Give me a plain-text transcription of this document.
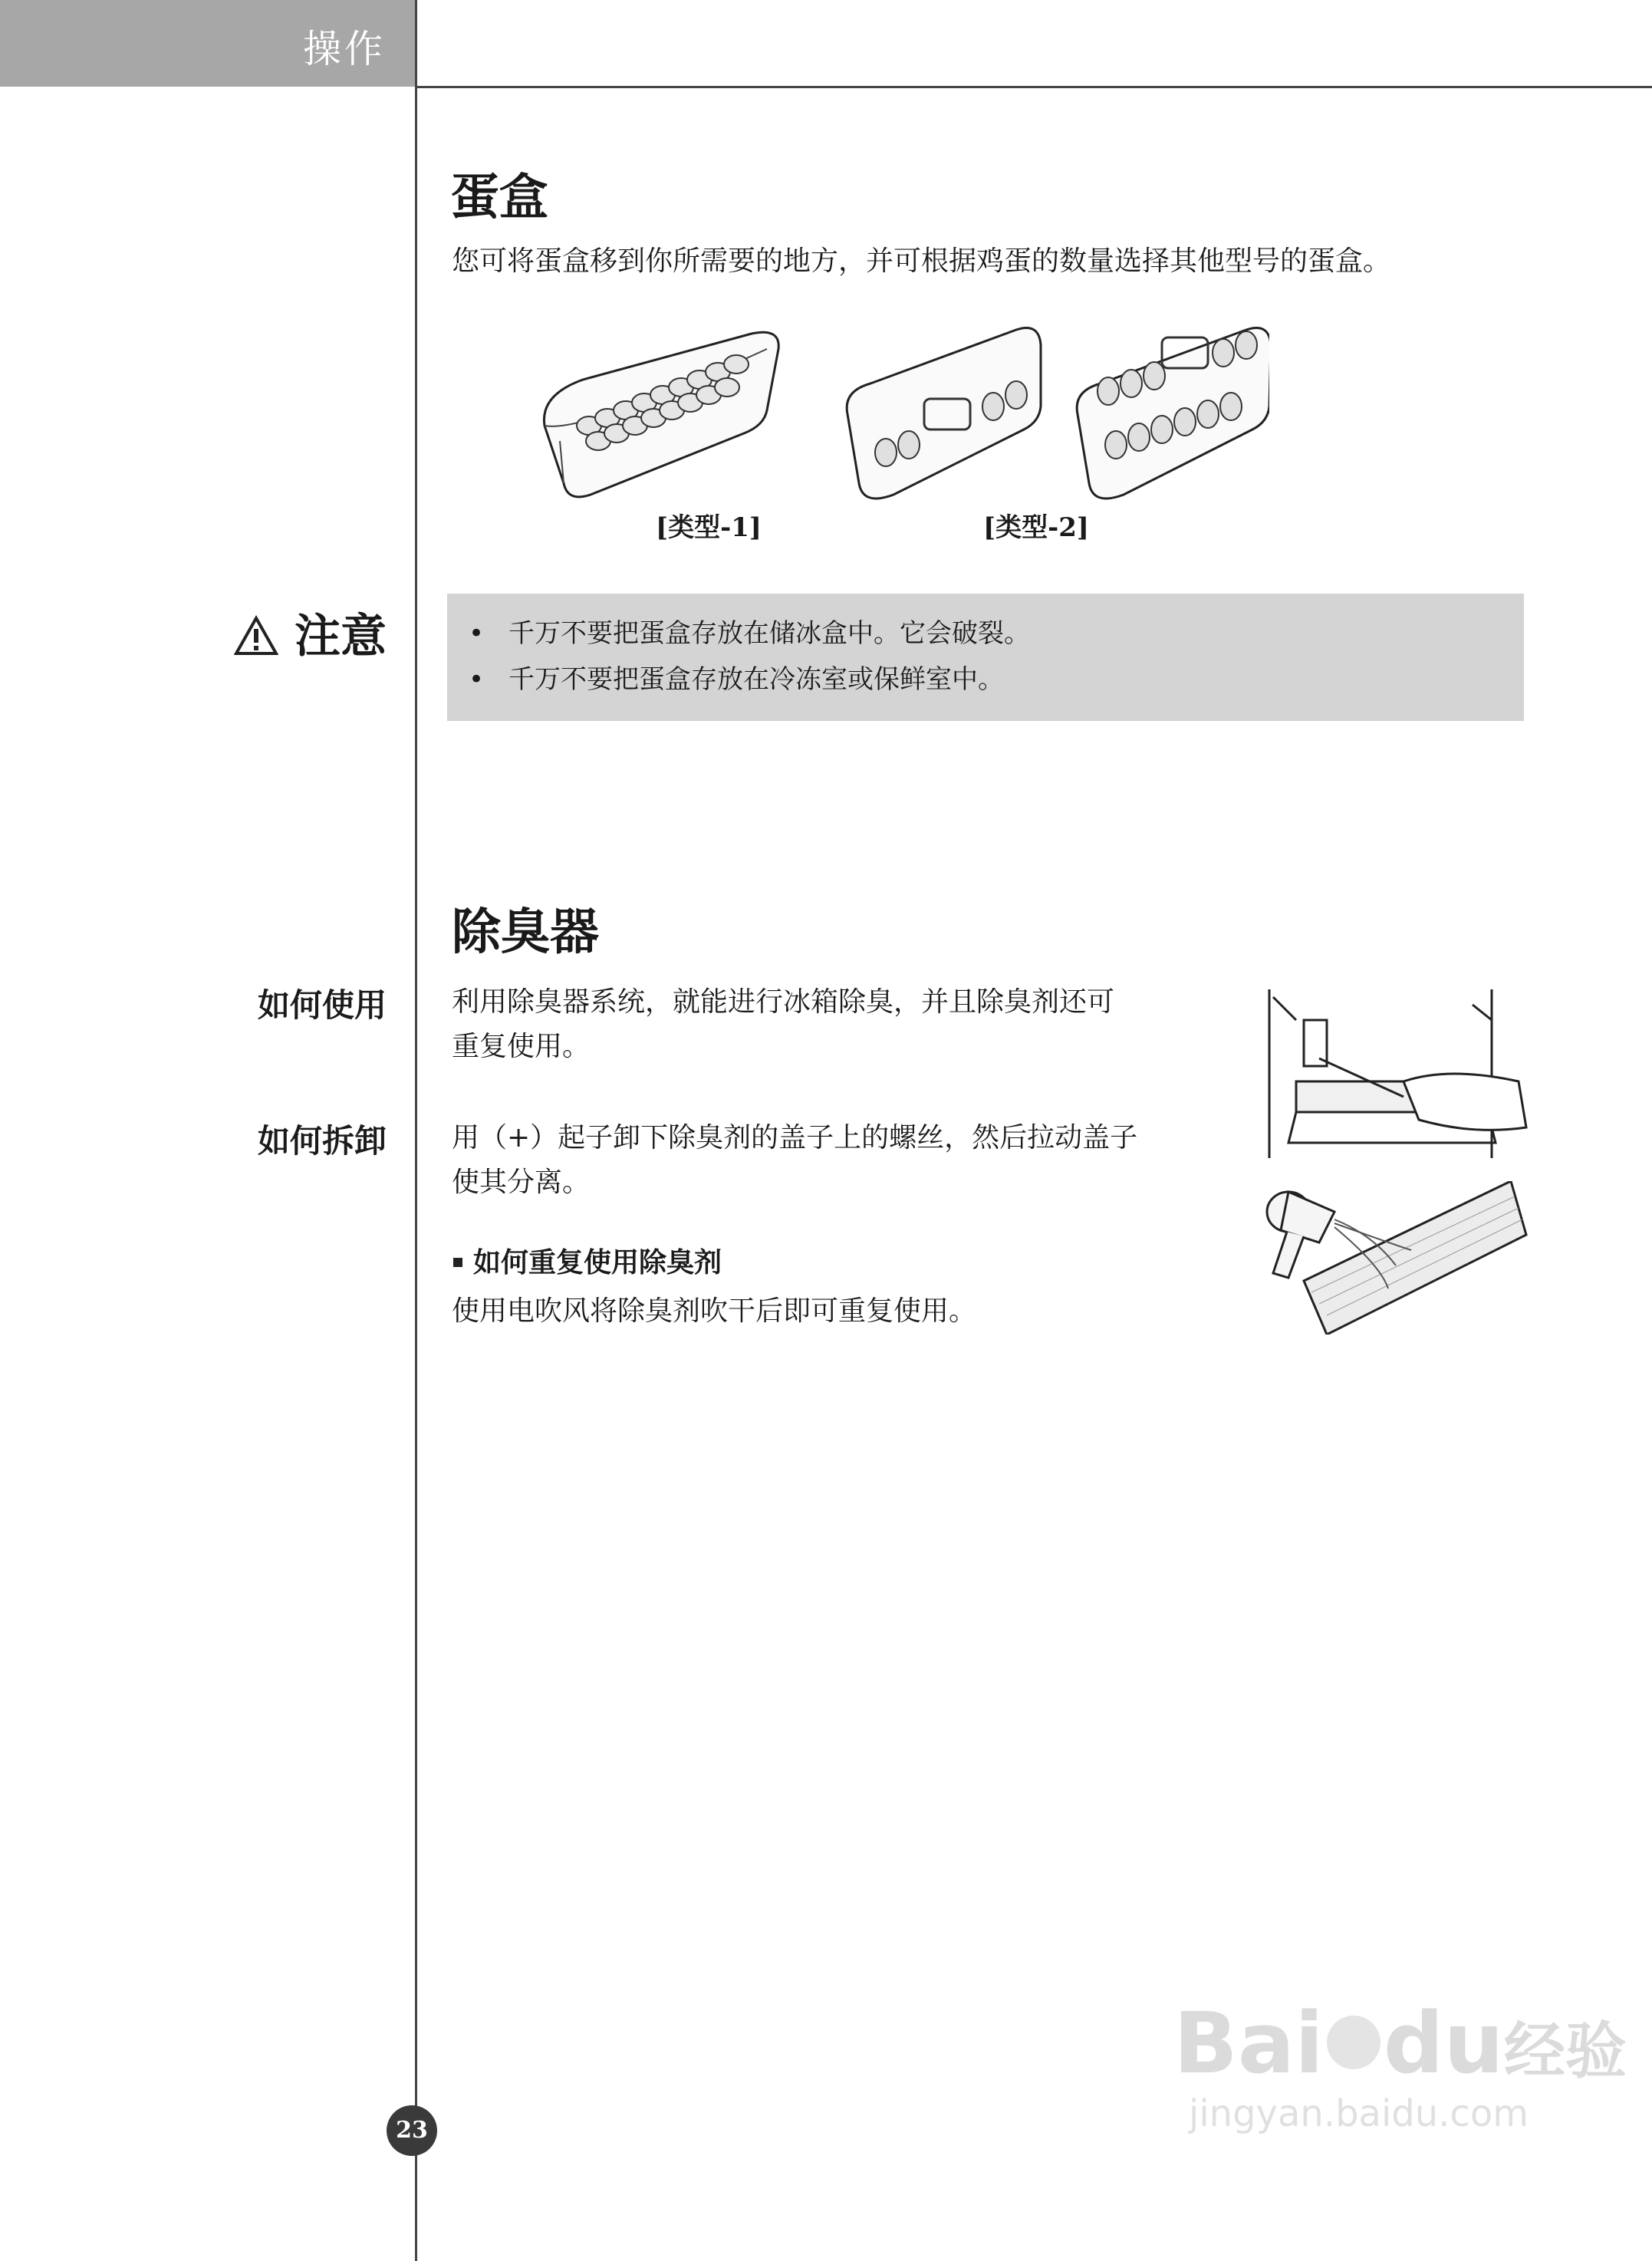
操作
蛋盒
您可将蛋盒移到你所需要的地方，并可根据鸡蛋的数量选择其他型号的蛋盒。
[类型-1]	[类型-2]
注意	• 千万不要把蛋盒存放在储冰盒中。它会破裂。
• 千万不要把蛋盒存放在冷冻室或保鲜室中。
除臭器
如何使用 利用除臭器系统，就能进行冰箱除臭，并且除臭剂还可
重复使用。
如何拆卸 用（+）起子卸下除臭剂的盖子上的螺丝，然后拉动盖子
使其分离。
如何重复使用除臭剂
使用电吹风将除臭剂吹干后即可重复使用。
23
Bai du经验
jingyan.baidu.com
